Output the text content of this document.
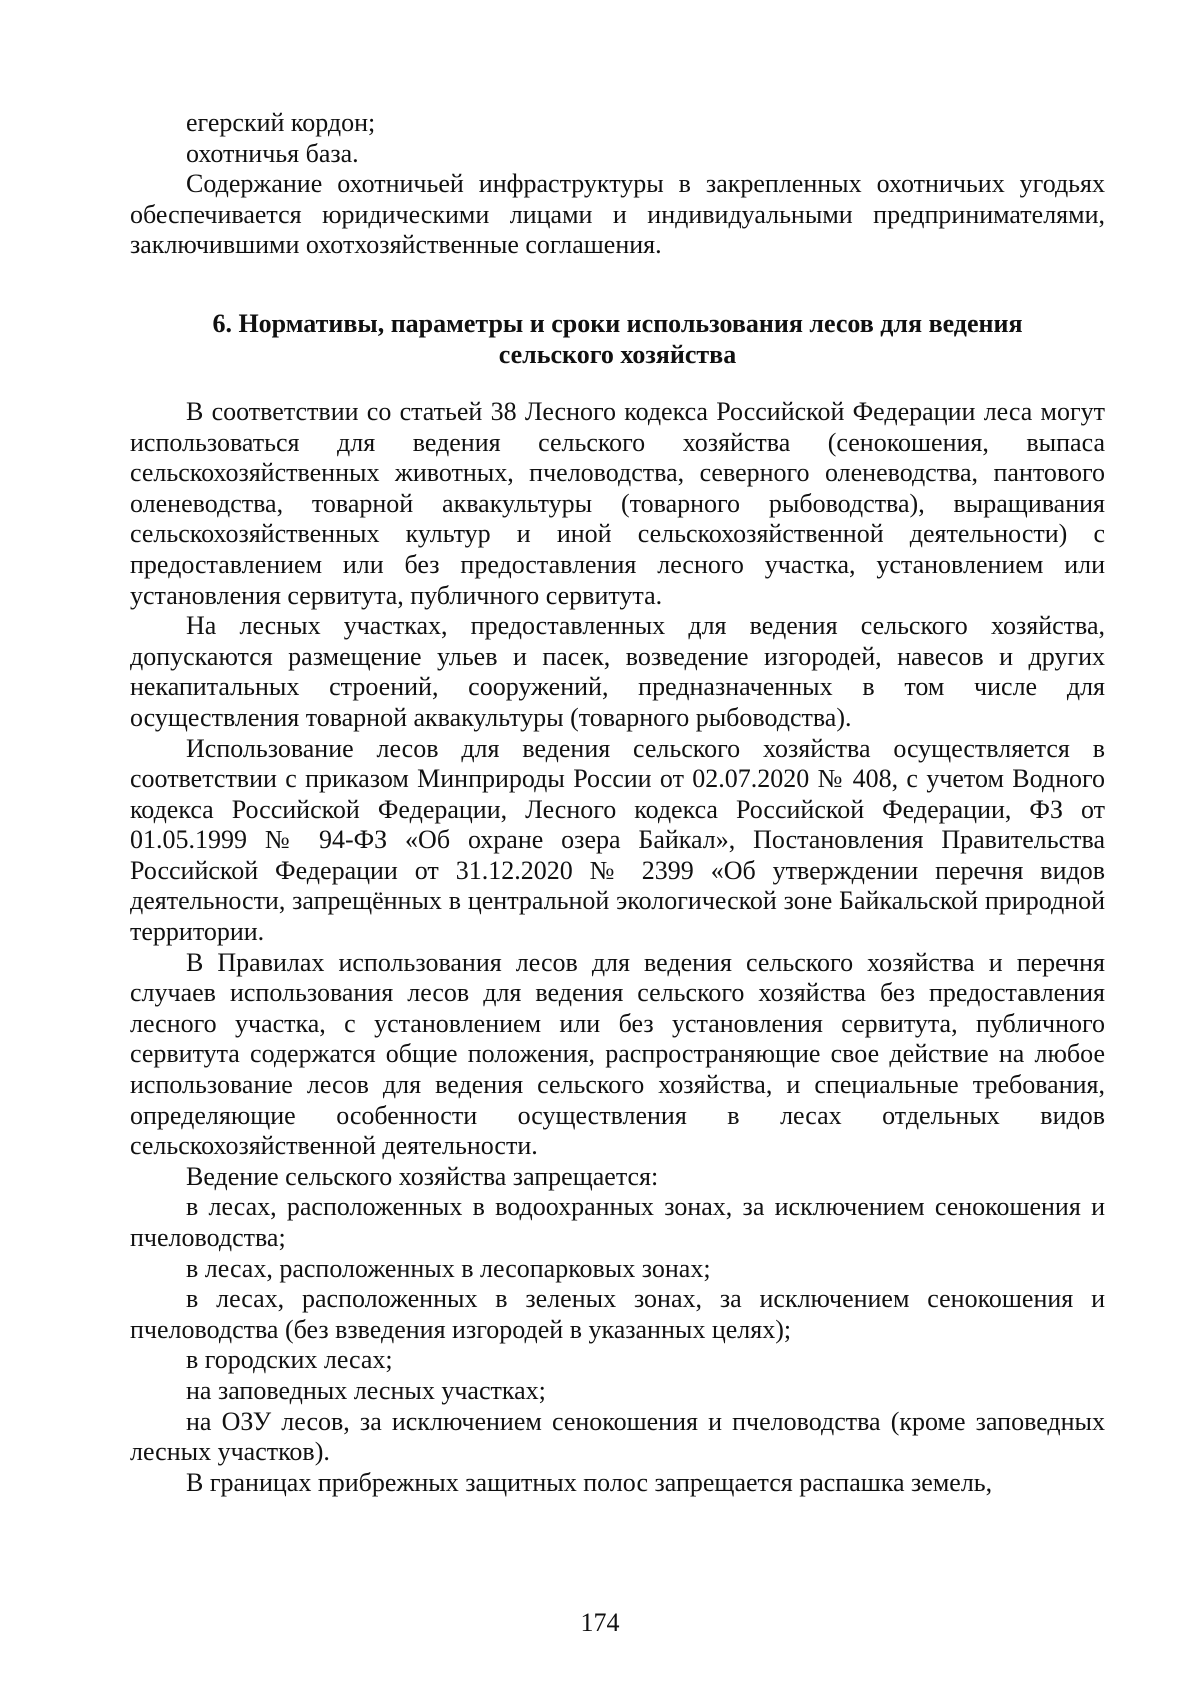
егерский кордон;

охотничья база.

Содержание охотничьей инфраструктуры в закрепленных охотничьих угодьях обеспечивается юридическими лицами и индивидуальными предпринимателями, заключившими охотхозяйственные соглашения.

6. Нормативы, параметры и сроки использования лесов для ведения
сельского хозяйства

В соответствии со статьей 38 Лесного кодекса Российской Федерации леса могут использоваться для ведения сельского хозяйства (сенокошения, выпаса сельскохозяйственных животных, пчеловодства, северного оленеводства, пантового оленеводства, товарной аквакультуры (товарного рыбоводства), выращивания сельскохозяйственных культур и иной сельскохозяйственной деятельности) с предоставлением или без предоставления лесного участка, установлением или установления сервитута, публичного сервитута.

На лесных участках, предоставленных для ведения сельского хозяйства, допускаются размещение ульев и пасек, возведение изгородей, навесов и других некапитальных строений, сооружений, предназначенных в том числе для осуществления товарной аквакультуры (товарного рыбоводства).

Использование лесов для ведения сельского хозяйства осуществляется в соответствии с приказом Минприроды России от 02.07.2020 № 408, с учетом Водного кодекса Российской Федерации, Лесного кодекса Российской Федерации, ФЗ от 01.05.1999 № 94-ФЗ «Об охране озера Байкал», Постановления Правительства Российской Федерации от 31.12.2020 № 2399 «Об утверждении перечня видов деятельности, запрещённых в центральной экологической зоне Байкальской природной территории.

В Правилах использования лесов для ведения сельского хозяйства и перечня случаев использования лесов для ведения сельского хозяйства без предоставления лесного участка, с установлением или без установления сервитута, публичного сервитута содержатся общие положения, распространяющие свое действие на любое использование лесов для ведения сельского хозяйства, и специальные требования, определяющие особенности осуществления в лесах отдельных видов сельскохозяйственной деятельности.

Ведение сельского хозяйства запрещается:

в лесах, расположенных в водоохранных зонах, за исключением сенокошения и пчеловодства;

в лесах, расположенных в лесопарковых зонах;

в лесах, расположенных в зеленых зонах, за исключением сенокошения и пчеловодства (без взведения изгородей в указанных целях);

в городских лесах;

на заповедных лесных участках;

на ОЗУ лесов, за исключением сенокошения и пчеловодства (кроме заповедных лесных участков).

В границах прибрежных защитных полос запрещается распашка земель,

174
